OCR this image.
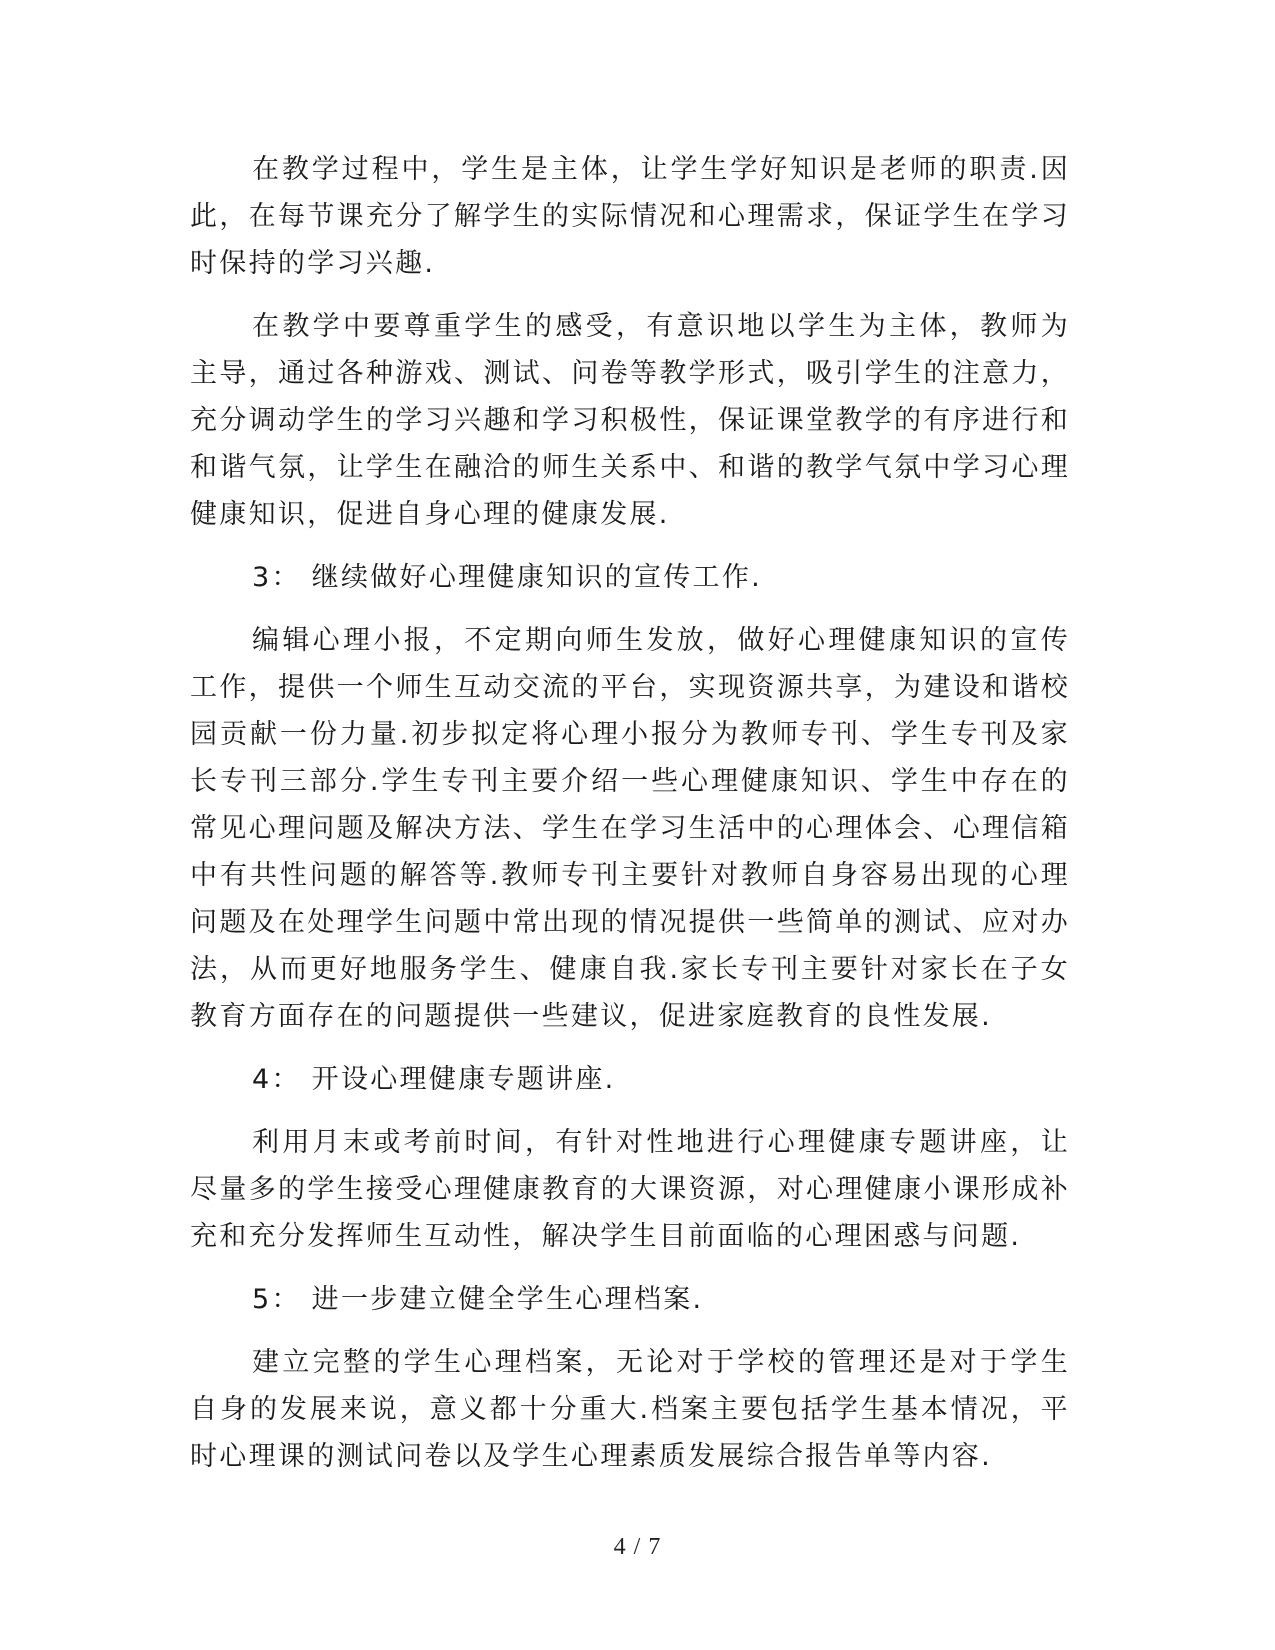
在教学过程中，学生是主体，让学生学好知识是老师的职责.因此，在每节课充分了解学生的实际情况和心理需求，保证学生在学习时保持的学习兴趣.

在教学中要尊重学生的感受，有意识地以学生为主体，教师为主导，通过各种游戏、测试、问卷等教学形式，吸引学生的注意力，充分调动学生的学习兴趣和学习积极性，保证课堂教学的有序进行和和谐气氛，让学生在融洽的师生关系中、和谐的教学气氛中学习心理健康知识，促进自身心理的健康发展.

3： 继续做好心理健康知识的宣传工作.

编辑心理小报，不定期向师生发放，做好心理健康知识的宣传工作，提供一个师生互动交流的平台，实现资源共享，为建设和谐校园贡献一份力量.初步拟定将心理小报分为教师专刊、学生专刊及家长专刊三部分.学生专刊主要介绍一些心理健康知识、学生中存在的常见心理问题及解决方法、学生在学习生活中的心理体会、心理信箱中有共性问题的解答等.教师专刊主要针对教师自身容易出现的心理问题及在处理学生问题中常出现的情况提供一些简单的测试、应对办法，从而更好地服务学生、健康自我.家长专刊主要针对家长在子女教育方面存在的问题提供一些建议，促进家庭教育的良性发展.

4： 开设心理健康专题讲座.

利用月末或考前时间，有针对性地进行心理健康专题讲座，让尽量多的学生接受心理健康教育的大课资源，对心理健康小课形成补充和充分发挥师生互动性，解决学生目前面临的心理困惑与问题.

5： 进一步建立健全学生心理档案.

建立完整的学生心理档案，无论对于学校的管理还是对于学生自身的发展来说，意义都十分重大.档案主要包括学生基本情况，平时心理课的测试问卷以及学生心理素质发展综合报告单等内容.

4 / 7
